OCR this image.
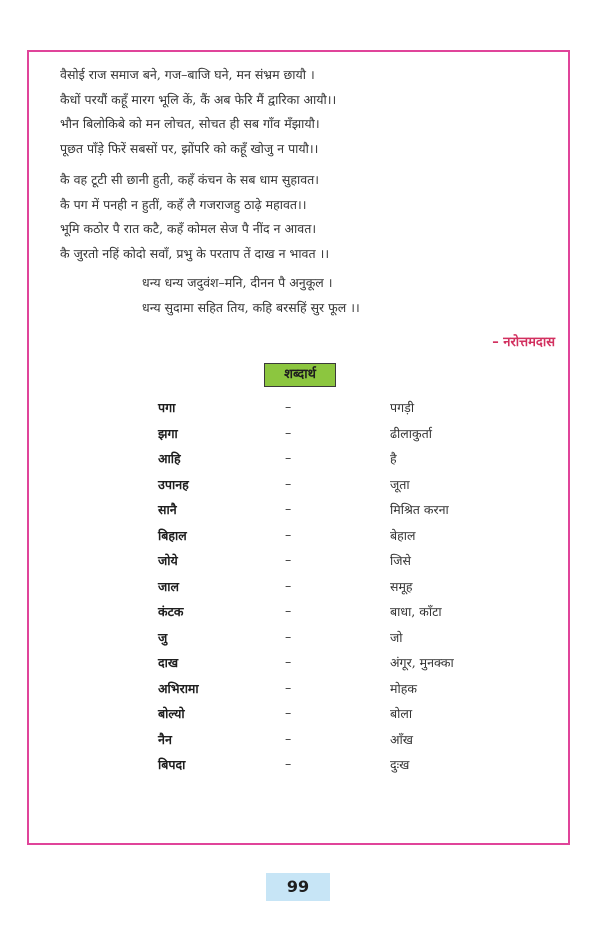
वैसोई राज समाज बने, गज–बाजि घने, मन संभ्रम छायौ ।
कैधों परयौं कहूँ मारग भूलि कें, कैं अब फेरि मैं द्वारिका आयौ।।
भौन बिलोकिबे को मन लोचत, सोचत ही सब गाँव मँझायौ।
पूछत पाँड़े फिरें सबसों पर, झोंपरि को कहूँ खोजु न पायौ।।
कै वह टूटी सी छानी हुती, कहँ कंचन के सब धाम सुहावत।
कै पग में पनही न हुतीं, कहँ लै गजराजहु ठाढ़े महावत।।
भूमि कठोर पै रात कटै, कहँ कोमल सेज पै नींद न आवत।
कै जुरतो नहिं कोदो सवाँ, प्रभु के परताप तें दाख न भावत ।।
धन्य धन्य जदुवंश–मनि, दीनन पै अनुकूल ।
धन्य सुदामा सहित तिय, कहि बरसहिं सुर फूल ।।
– नरोत्तमदास
शब्दार्थ
पगा	–	पगड़ी
झगा	–	ढीलाकुर्ता
आहि	–	है
उपानह	–	जूता
सानै	–	मिश्रित करना
बिहाल	–	बेहाल
जोये	–	जिसे
जाल	–	समूह
कंटक	–	बाधा, काँटा
जु	–	जो
दाख	–	अंगूर, मुनक्का
अभिरामा	–	मोहक
बोल्यो	–	बोला
नैन	–	आँख
बिपदा	–	दुःख
99
